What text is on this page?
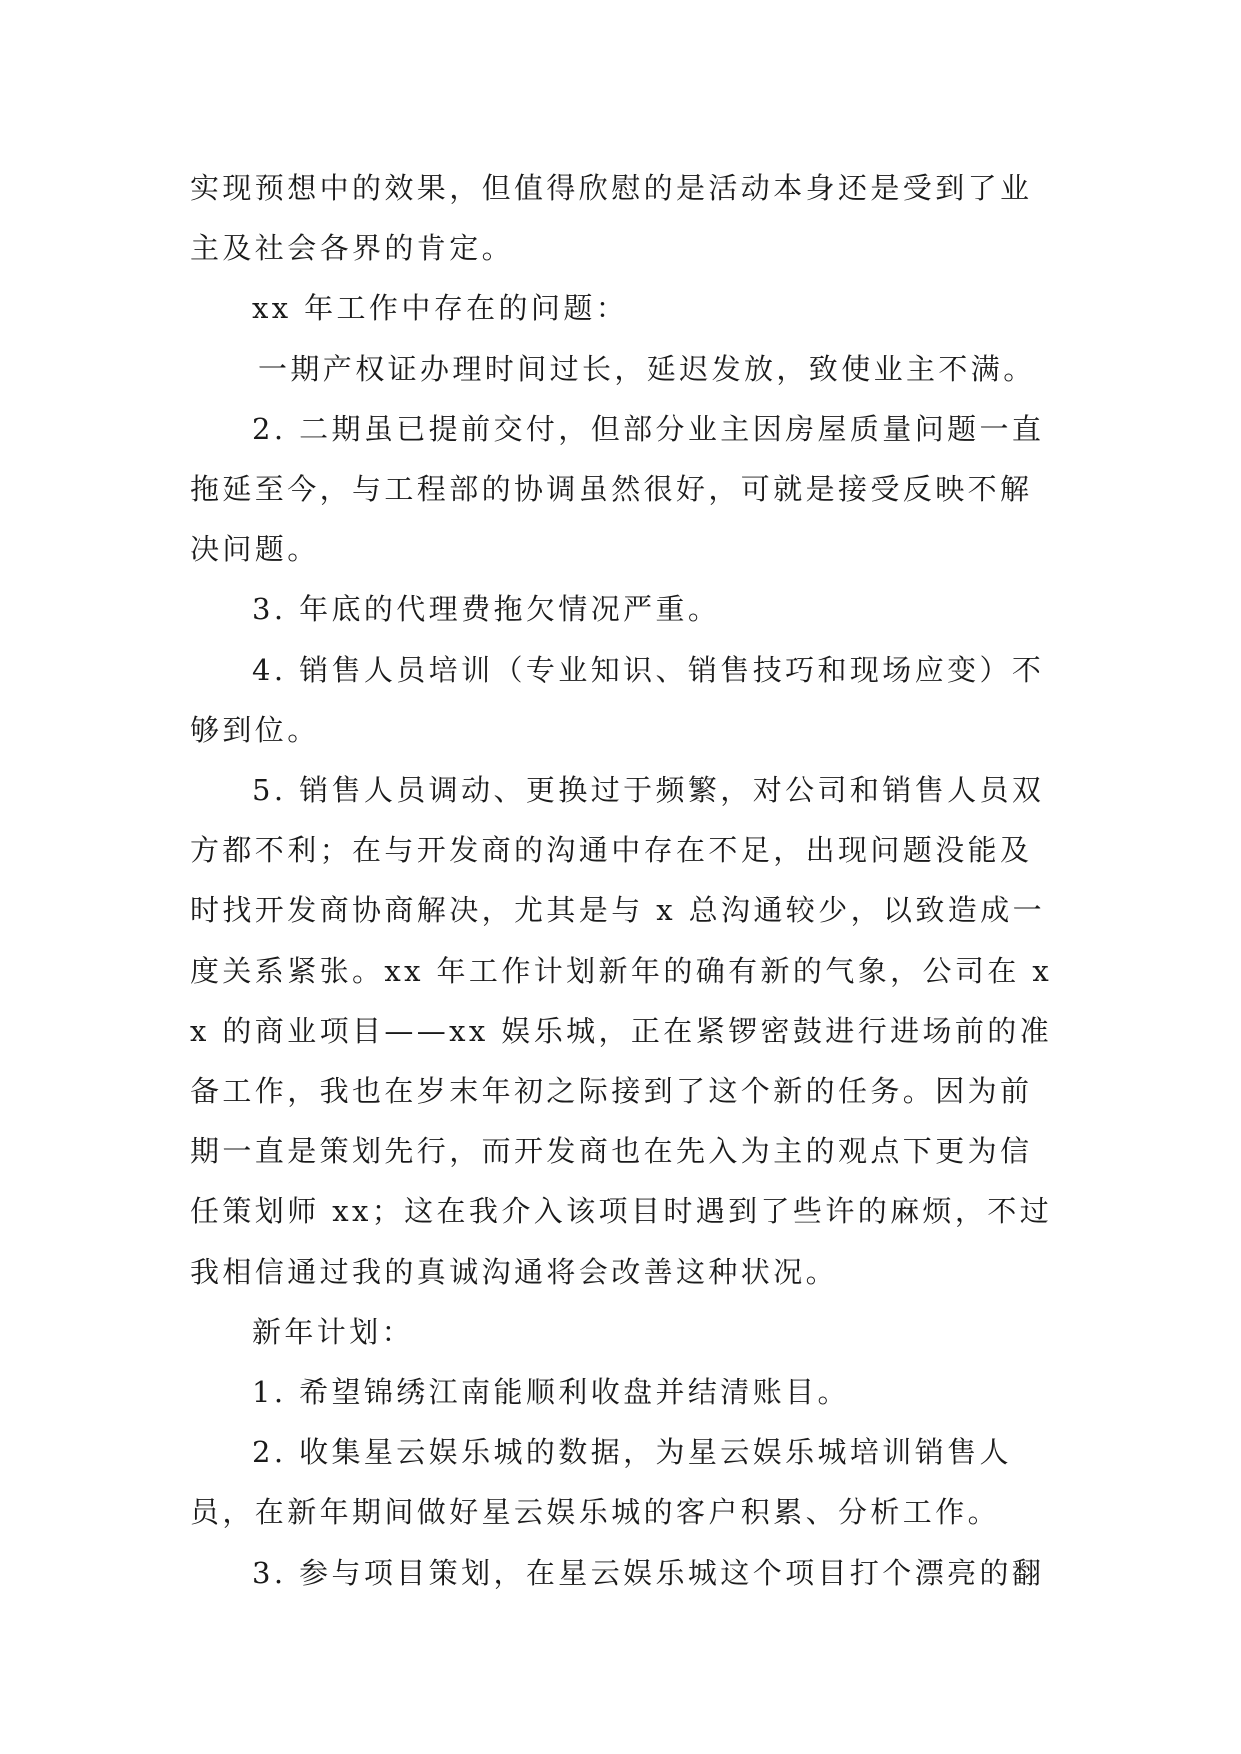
实现预想中的效果，但值得欣慰的是活动本身还是受到了业主及社会各界的肯定。

xx 年工作中存在的问题：

一期产权证办理时间过长，延迟发放，致使业主不满。

2. 二期虽已提前交付，但部分业主因房屋质量问题一直拖延至今，与工程部的协调虽然很好，可就是接受反映不解决问题。

3. 年底的代理费拖欠情况严重。

4. 销售人员培训（专业知识、销售技巧和现场应变）不够到位。

5. 销售人员调动、更换过于频繁，对公司和销售人员双方都不利；在与开发商的沟通中存在不足，出现问题没能及时找开发商协商解决，尤其是与 x 总沟通较少，以致造成一度关系紧张。xx 年工作计划新年的确有新的气象，公司在 xx 的商业项目——xx 娱乐城，正在紧锣密鼓进行进场前的准备工作，我也在岁末年初之际接到了这个新的任务。因为前期一直是策划先行，而开发商也在先入为主的观点下更为信任策划师 xx；这在我介入该项目时遇到了些许的麻烦，不过我相信通过我的真诚沟通将会改善这种状况。

新年计划：

1. 希望锦绣江南能顺利收盘并结清账目。

2. 收集星云娱乐城的数据，为星云娱乐城培训销售人员，在新年期间做好星云娱乐城的客户积累、分析工作。

3. 参与项目策划，在星云娱乐城这个项目打个漂亮的翻
